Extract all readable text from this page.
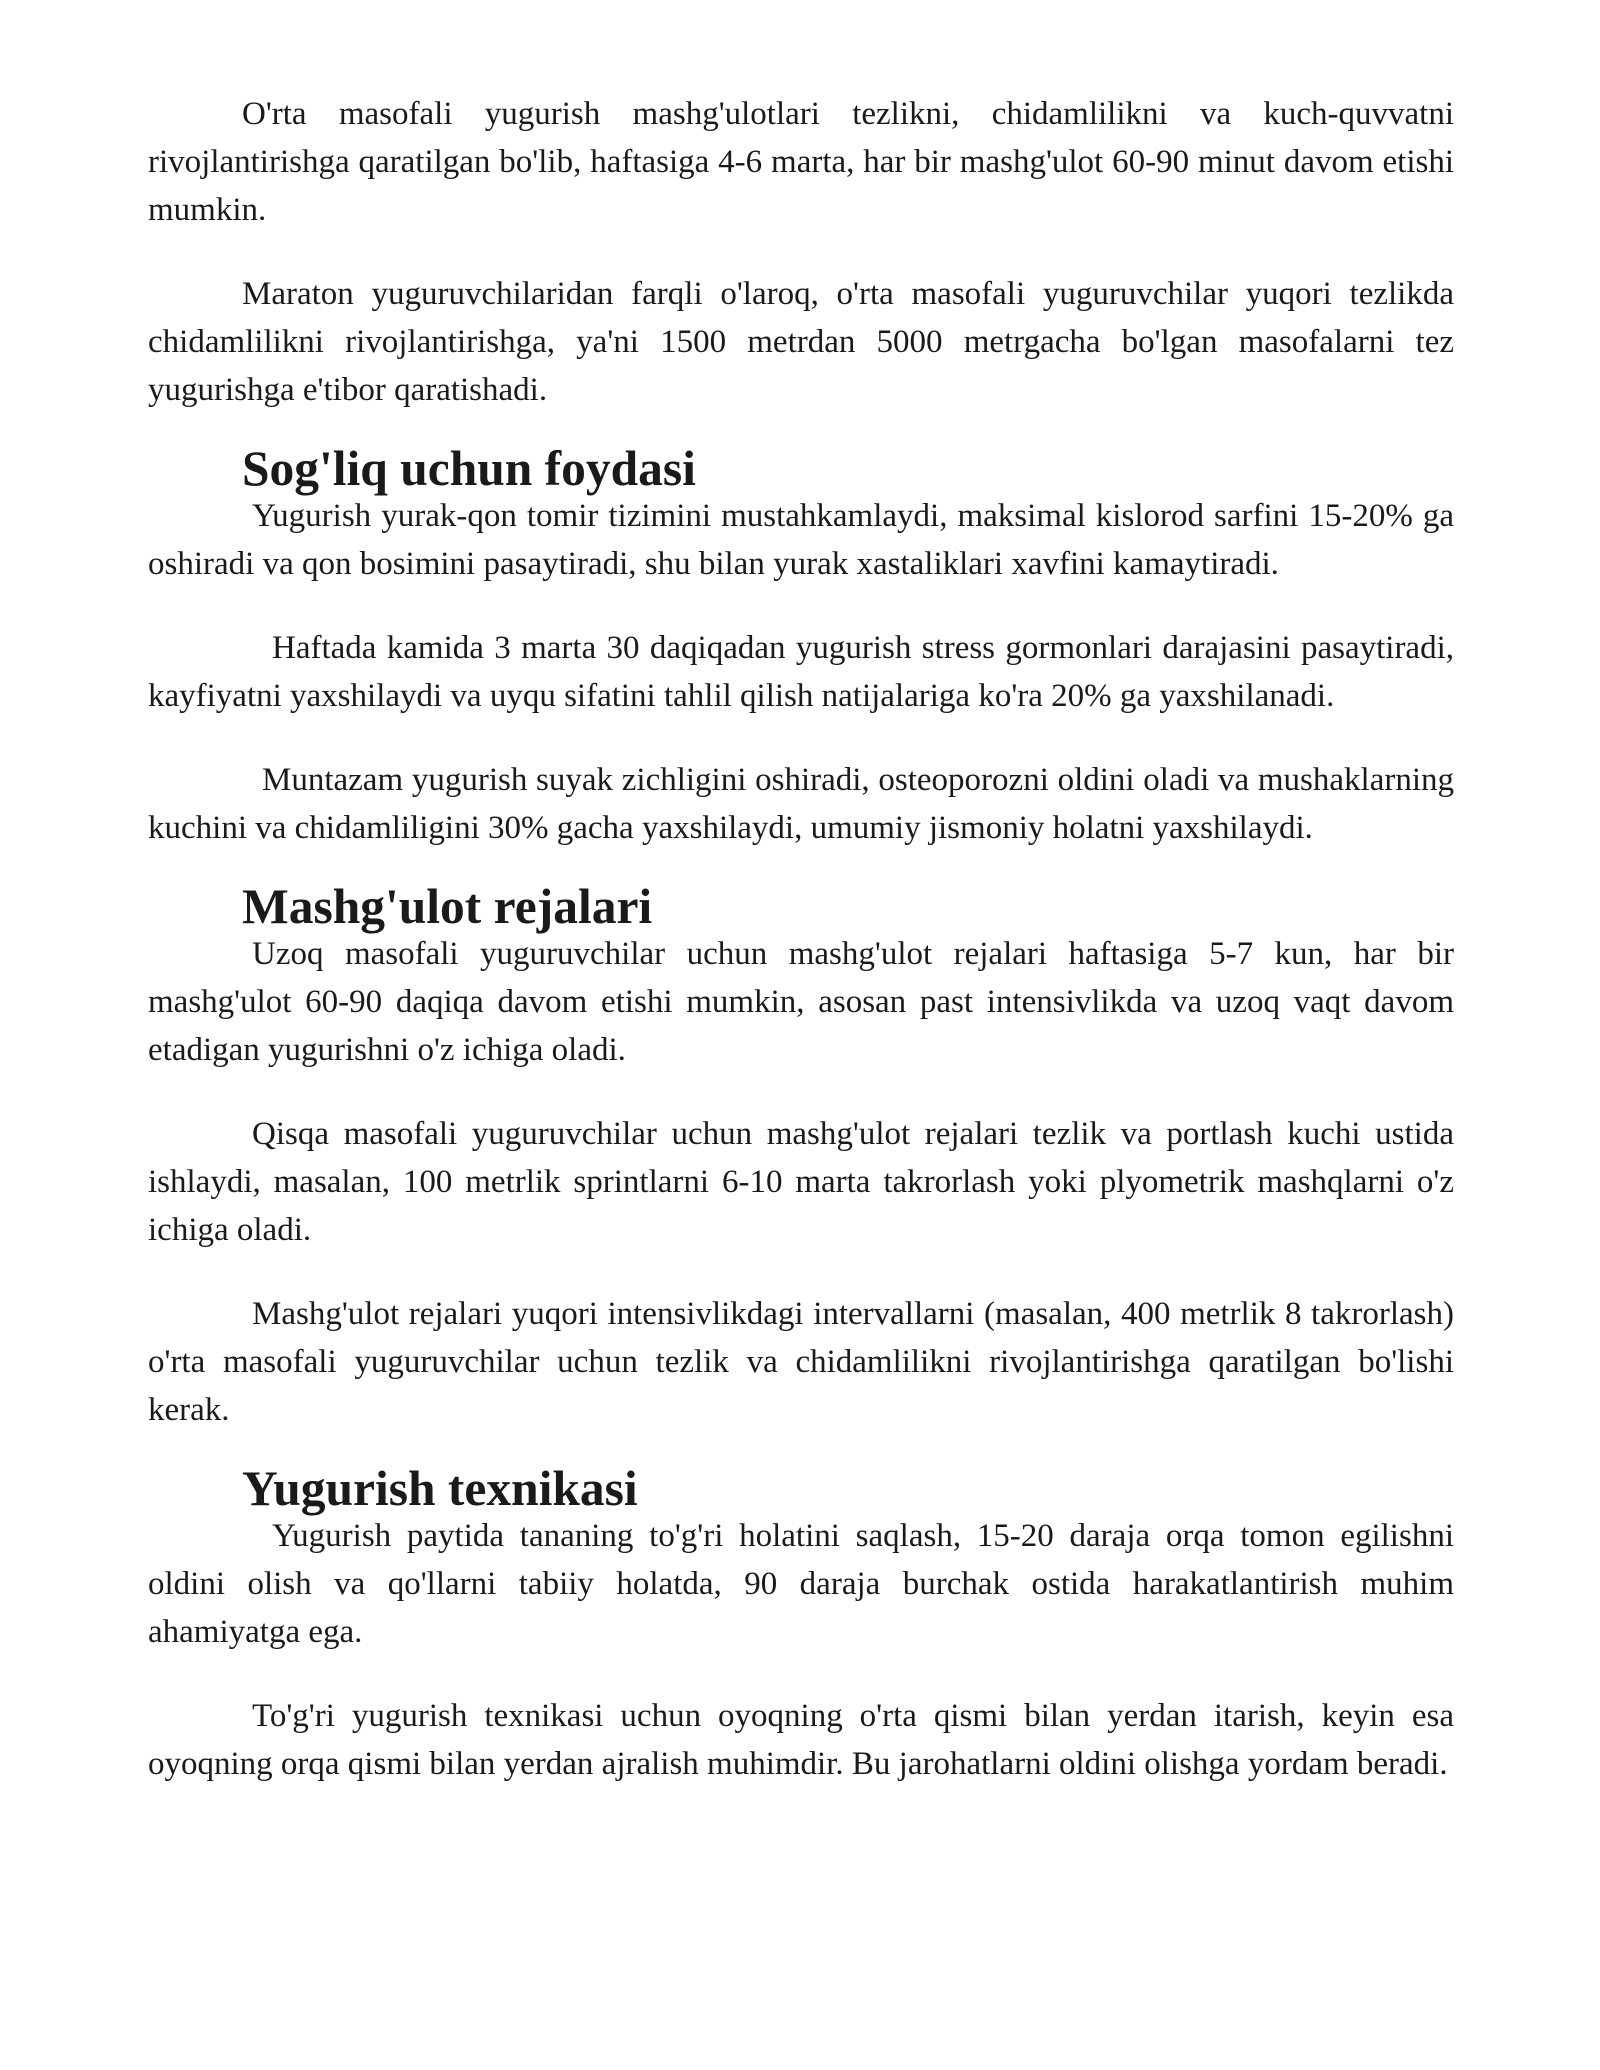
O'rta masofali yugurish mashg'ulotlari tezlikni, chidamlilikni va kuch-quvvatni rivojlantirishga qaratilgan bo'lib, haftasiga 4-6 marta, har bir mashg'ulot 60-90 minut davom etishi mumkin.

Maraton yuguruvchilaridan farqli o'laroq, o'rta masofali yuguruvchilar yuqori tezlikda chidamlilikni rivojlantirishga, ya'ni 1500 metrdan 5000 metrgacha bo'lgan masofalarni tez yugurishga e'tibor qaratishadi.

Sog'liq uchun foydasi

Yugurish yurak-qon tomir tizimini mustahkamlaydi, maksimal kislorod sarfini 15-20% ga oshiradi va qon bosimini pasaytiradi, shu bilan yurak xastaliklari xavfini kamaytiradi.

Haftada kamida 3 marta 30 daqiqadan yugurish stress gormonlari darajasini pasaytiradi, kayfiyatni yaxshilaydi va uyqu sifatini tahlil qilish natijalariga ko'ra 20% ga yaxshilanadi.

Muntazam yugurish suyak zichligini oshiradi, osteoporozni oldini oladi va mushaklarning kuchini va chidamliligini 30% gacha yaxshilaydi, umumiy jismoniy holatni yaxshilaydi.

Mashg'ulot rejalari

Uzoq masofali yuguruvchilar uchun mashg'ulot rejalari haftasiga 5-7 kun, har bir mashg'ulot 60-90 daqiqa davom etishi mumkin, asosan past intensivlikda va uzoq vaqt davom etadigan yugurishni o'z ichiga oladi.

Qisqa masofali yuguruvchilar uchun mashg'ulot rejalari tezlik va portlash kuchi ustida ishlaydi, masalan, 100 metrlik sprintlarni 6-10 marta takrorlash yoki plyometrik mashqlarni o'z ichiga oladi.

Mashg'ulot rejalari yuqori intensivlikdagi intervallarni (masalan, 400 metrlik 8 takrorlash) o'rta masofali yuguruvchilar uchun tezlik va chidamlilikni rivojlantirishga qaratilgan bo'lishi kerak.

Yugurish texnikasi

Yugurish paytida tananing to'g'ri holatini saqlash, 15-20 daraja orqa tomon egilishni oldini olish va qo'llarni tabiiy holatda, 90 daraja burchak ostida harakatlantirish muhim ahamiyatga ega.

To'g'ri yugurish texnikasi uchun oyoqning o'rta qismi bilan yerdan itarish, keyin esa oyoqning orqa qismi bilan yerdan ajralish muhimdir. Bu jarohatlarni oldini olishga yordam beradi.
